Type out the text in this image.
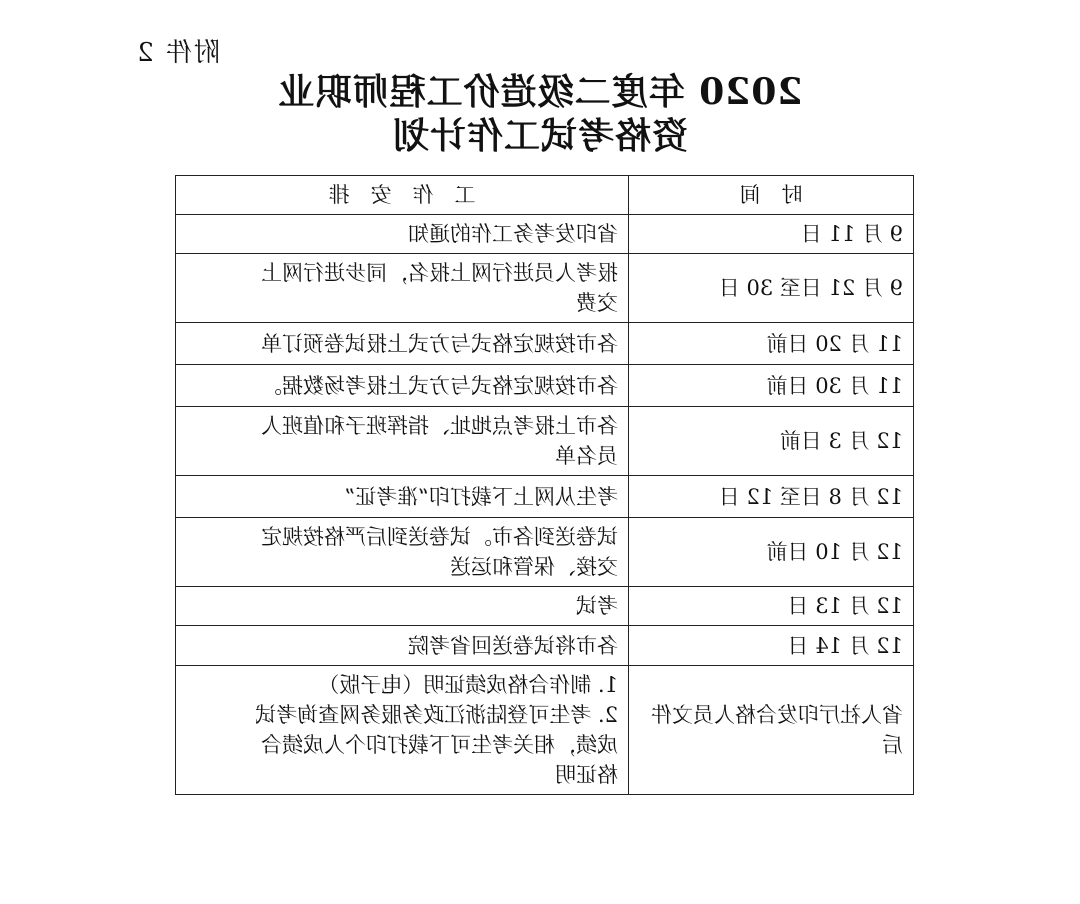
附件 2
2020 年度二级造价工程师职业
资格考试工作计划
时　间	工　作　安　排
9 月 11 日	省印发考务工作的通知

9 月 21 日至 30 日	报考人员进行网上报名，同步进行网上
交费

11 月 20 日前	各市按规定格式与方式上报试卷预订单

11 月 30 日前	各市按规定格式与方式上报考场数据。

12 月 3 日前	各市上报考点地址、指挥班子和值班人
员名单

12 月 8 日至 12 日	考生从网上下载打印“准考证”

12 月 10 日前	试卷送到各市。试卷送到后严格按规定
交接、保管和运送

12 月 13 日	考试

12 月 14 日	各市将试卷送回省考院

省人社厅印发合格人员文件后	1. 制作合格成绩证明（电子版）
2. 考生可登陆浙江政务服务网查询考试
成绩，相关考生可下载打印个人成绩合
格证明
